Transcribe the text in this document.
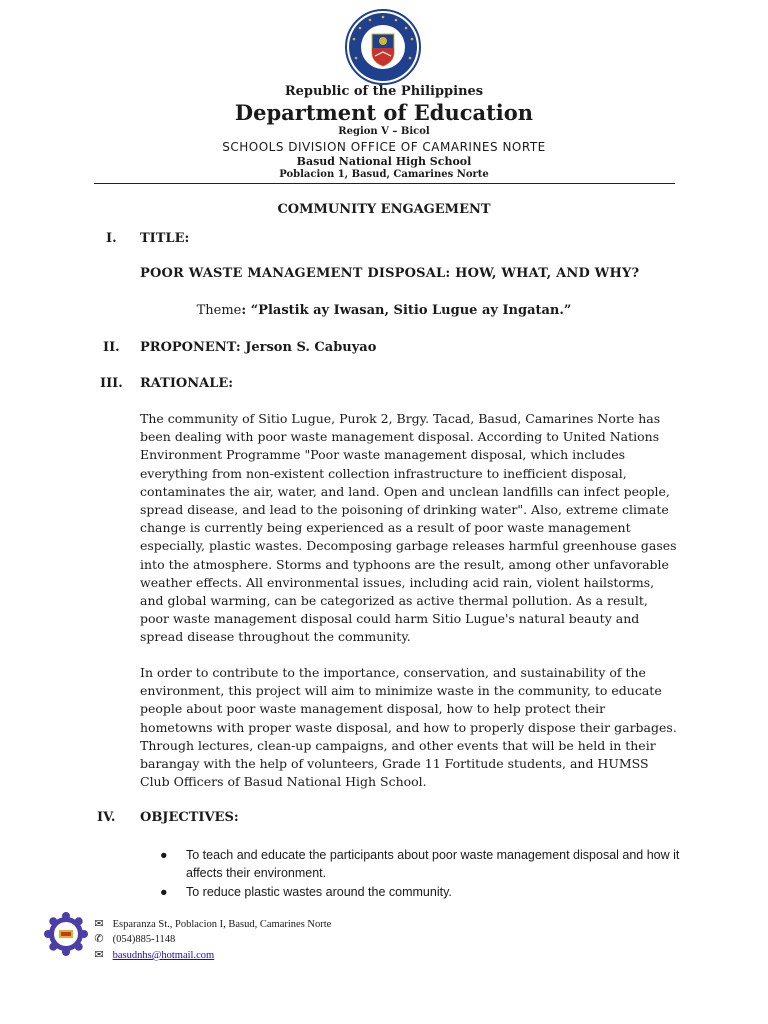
Republic of the Philippines
Department of Education
Region V – Bicol
SCHOOLS DIVISION OFFICE OF CAMARINES NORTE
Basud National High School
Poblacion 1, Basud, Camarines Norte
COMMUNITY ENGAGEMENT
I. TITLE:
POOR WASTE MANAGEMENT DISPOSAL: HOW, WHAT, AND WHY?
Theme: “Plastik ay Iwasan, Sitio Lugue ay Ingatan.”
II. PROPONENT: Jerson S. Cabuyao
III. RATIONALE:
The community of Sitio Lugue, Purok 2, Brgy. Tacad, Basud, Camarines Norte has been dealing with poor waste management disposal. According to United Nations Environment Programme "Poor waste management disposal, which includes everything from non-existent collection infrastructure to inefficient disposal, contaminates the air, water, and land. Open and unclean landfills can infect people, spread disease, and lead to the poisoning of drinking water". Also, extreme climate change is currently being experienced as a result of poor waste management especially, plastic wastes. Decomposing garbage releases harmful greenhouse gases into the atmosphere. Storms and typhoons are the result, among other unfavorable weather effects. All environmental issues, including acid rain, violent hailstorms, and global warming, can be categorized as active thermal pollution. As a result, poor waste management disposal could harm Sitio Lugue's natural beauty and spread disease throughout the community.
In order to contribute to the importance, conservation, and sustainability of the environment, this project will aim to minimize waste in the community, to educate people about poor waste management disposal, how to help protect their hometowns with proper waste disposal, and how to properly dispose their garbages. Through lectures, clean-up campaigns, and other events that will be held in their barangay with the help of volunteers, Grade 11 Fortitude students, and HUMSS Club Officers of Basud National High School.
IV. OBJECTIVES:
● To teach and educate the participants about poor waste management disposal and how it affects their environment.
● To reduce plastic wastes around the community.
✉ Esparanza St., Poblacion I, Basud, Camarines Norte
✆ (054)885-1148
✉ basudnhs@hotmail.com
